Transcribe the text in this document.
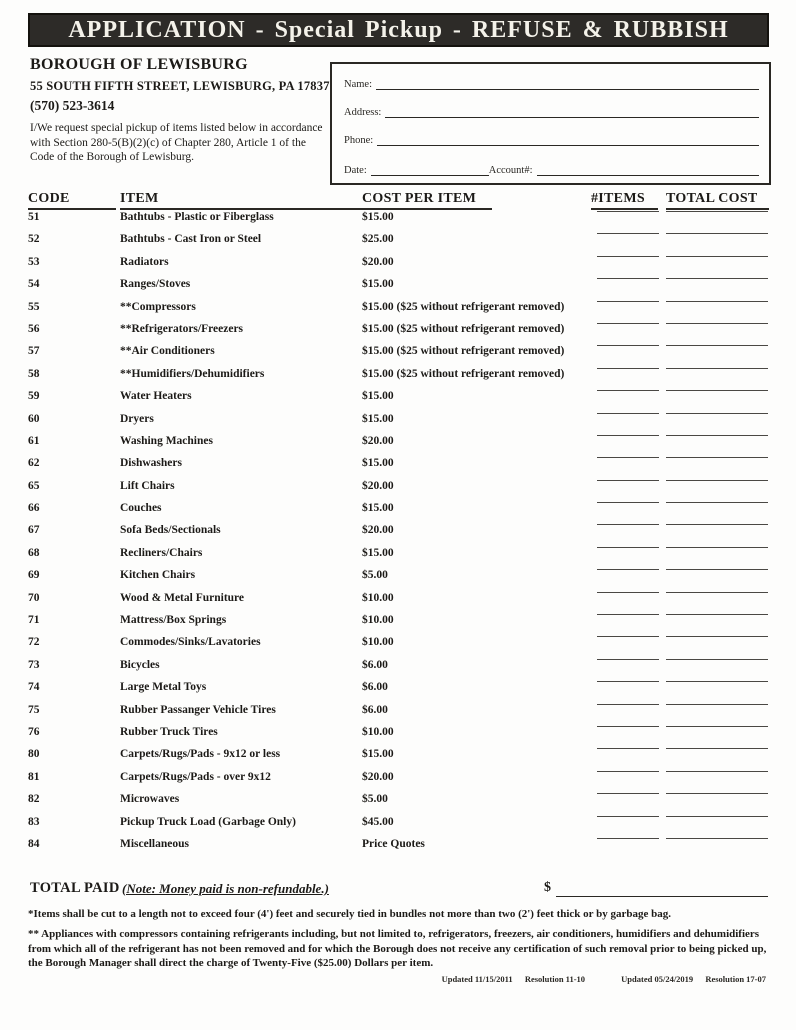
APPLICATION - Special Pickup - REFUSE & RUBBISH
BOROUGH OF LEWISBURG
55 SOUTH FIFTH STREET, LEWISBURG, PA 17837
(570) 523-3614

I/We request special pickup of items listed below in accordance with Section 280-5(B)(2)(c) of Chapter 280, Article 1 of the Code of the Borough of Lewisburg.

Name:
Address:
Phone:
Date:	Account#:
CODE	ITEM	COST PER ITEM	#ITEMS	TOTAL COST
51	Bathtubs - Plastic or Fiberglass	$15.00
52	Bathtubs - Cast Iron or Steel	$25.00
53	Radiators	$20.00
54	Ranges/Stoves	$15.00
55	**Compressors	$15.00 ($25 without refrigerant removed)
56	**Refrigerators/Freezers	$15.00 ($25 without refrigerant removed)
57	**Air Conditioners	$15.00 ($25 without refrigerant removed)
58	**Humidifiers/Dehumidifiers	$15.00 ($25 without refrigerant removed)
59	Water Heaters	$15.00
60	Dryers	$15.00
61	Washing Machines	$20.00
62	Dishwashers	$15.00
65	Lift Chairs	$20.00
66	Couches	$15.00
67	Sofa Beds/Sectionals	$20.00
68	Recliners/Chairs	$15.00
69	Kitchen Chairs	$5.00
70	Wood & Metal Furniture	$10.00
71	Mattress/Box Springs	$10.00
72	Commodes/Sinks/Lavatories	$10.00
73	Bicycles	$6.00
74	Large Metal Toys	$6.00
75	Rubber Passanger Vehicle Tires	$6.00
76	Rubber Truck Tires	$10.00
80	Carpets/Rugs/Pads - 9x12 or less	$15.00
81	Carpets/Rugs/Pads - over 9x12	$20.00
82	Microwaves	$5.00
83	Pickup Truck Load (Garbage Only)	$45.00
84	Miscellaneous	Price Quotes
TOTAL PAID (Note: Money paid is non-refundable.)	$

*Items shall be cut to a length not to exceed four (4') feet and securely tied in bundles not more than two (2') feet thick or by garbage bag.

** Appliances with compressors containing refrigerants including, but not limited to, refrigerators, freezers, air conditioners, humidifiers and dehumidifiers from which all of the refrigerant has not been removed and for which the Borough does not receive any certification of such removal prior to being picked up, the Borough Manager shall direct the charge of Twenty-Five ($25.00) Dollars per item.

Updated 11/15/2011 Resolution 11-10	Updated 05/24/2019 Resolution 17-07
